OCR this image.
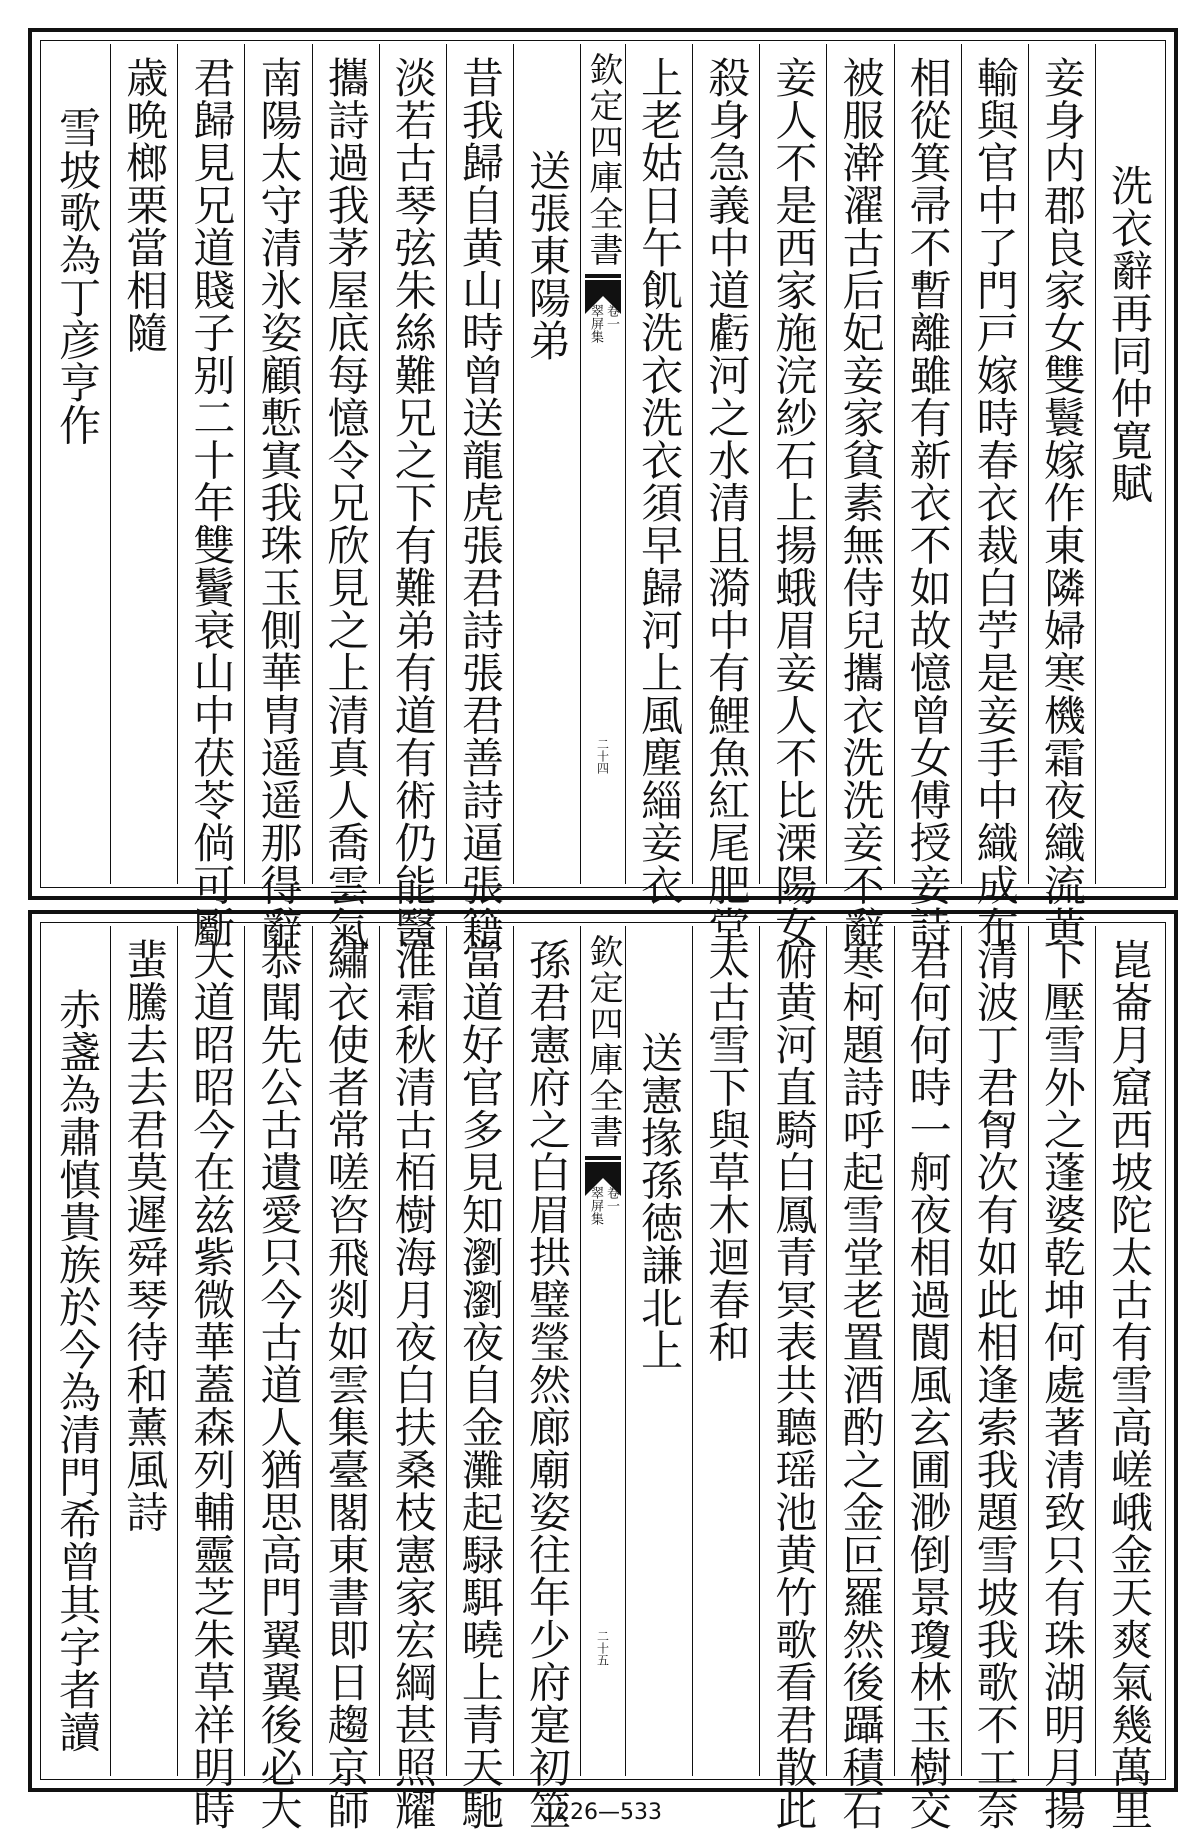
洗衣辭再同仲寛賦
妾身内郡良家女雙鬟嫁作東隣婦寒機霜夜織流黄
輸與官中了門戸嫁時春衣裁白苧是妾手中織成布
相從箕帚不暫離雖有新衣不如故憶曾女傅授妾詩
被服澣濯古后妃妾家貧素無侍兒攜衣洗洗妾不辭
妾人不是西家施浣紗石上揚蛾眉妾人不比溧陽女
殺身急義中道虧河之水清且漪中有鯉魚紅尾肥堂
上老姑日午飢洗衣洗衣須早歸河上風塵緇妾衣
欽定四庫全書
翠屏集 卷一
二十四
送張東陽弟
昔我歸自黄山時曾送龍虎張君詩張君善詩逼張籍
淡若古琴弦朱絲難兄之下有難弟有道有術仍能醫
攜詩過我茅屋底每憶令兄欣見之上清真人喬雲氣
南陽太守清氷姿顧慙寘我珠玉側華胄遥遥那得辭
君歸見兄道賤子别二十年雙鬢衰山中茯苓倘可斸
歳晩榔栗當相隨
雪坡歌為丁彦亨作
崑崙月窟西坡陀太古有雪高嵯峨金天爽氣幾萬里
下壓雪外之蓬婆乾坤何處著清致只有珠湖明月揚
清波丁君胷次有如此相逢索我題雪坡我歌不工奈
君何何時一舸夜相過閬風玄圃渺倒景瓊林玉樹交
寒柯題詩呼起雪堂老置酒酌之金叵羅然後躡積石
俯黄河直騎白鳳青冥表共聽瑶池黄竹歌看君散此
太古雪下與草木迴春和
送憲掾孫徳謙北上
欽定四庫全書
翠屏集 卷一
二十五
孫君憲府之白眉拱璧瑩然廊廟姿往年少府寔初筮
當道好官多見知瀏瀏夜自金灘起騄駬曉上青天馳
淮霜秋清古栢樹海月夜白扶桑枝憲家宏綱甚照耀
繡衣使者常嗟咨飛剡如雲集臺閣東書即日趨京師
恭聞先公古遺愛只今古道人猶思高門翼翼後必大
天道昭昭今在兹紫微華蓋森列輔靈芝朱草祥明時
蜚騰去去君莫遲舜琴待和薰風詩
赤盞為肅慎貴族於今為清門希曾其字者讀
1226—533
